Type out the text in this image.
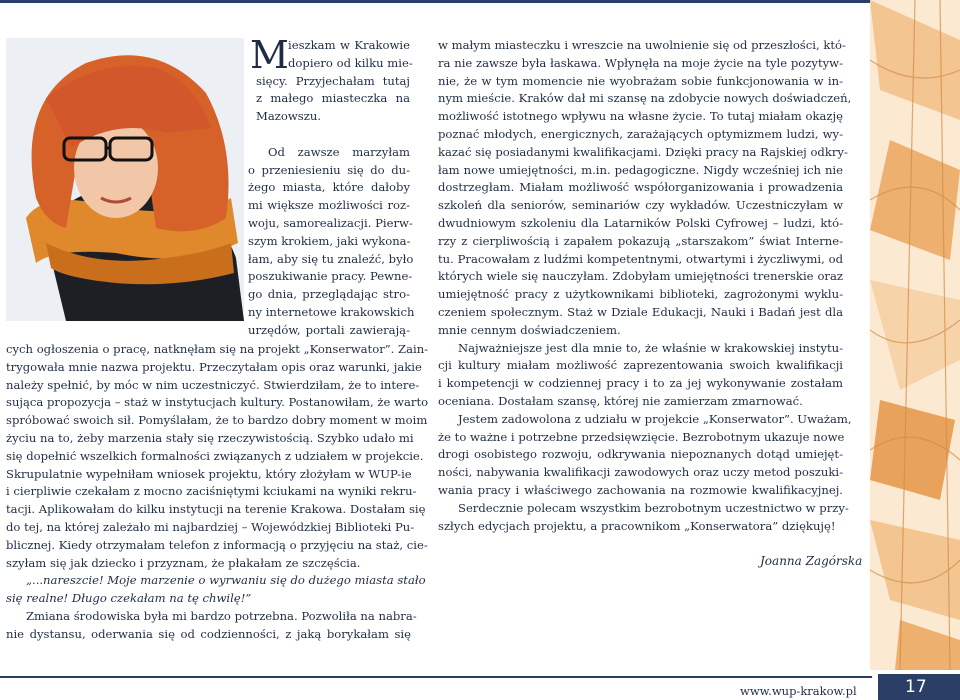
M ieszkam w Krakowie
dopiero od kilku mie-
sięcy. Przyjechałam tutaj
z małego miasteczka na
Mazowszu.
Od zawsze marzyłam
o przeniesieniu się do du-
żego miasta, które dałoby
mi większe możliwości roz-
woju, samorealizacji. Pierw-
szym krokiem, jaki wykona-
łam, aby się tu znaleźć, było
poszukiwanie pracy. Pewne-
go dnia, przeglądając stro-
ny internetowe krakowskich
urzędów, portali zawierają-
cych ogłoszenia o pracę, natknęłam się na projekt „Konserwator”. Zain-
trygowała mnie nazwa projektu. Przeczytałam opis oraz warunki, jakie
należy spełnić, by móc w nim uczestniczyć. Stwierdziłam, że to intere-
sująca propozycja – staż w instytucjach kultury. Postanowiłam, że warto
spróbować swoich sił. Pomyślałam, że to bardzo dobry moment w moim
życiu na to, żeby marzenia stały się rzeczywistością. Szybko udało mi
się dopełnić wszelkich formalności związanych z udziałem w projekcie.
Skrupulatnie wypełniłam wniosek projektu, który złożyłam w WUP-ie
i cierpliwie czekałam z mocno zaciśniętymi kciukami na wyniki rekru-
tacji. Aplikowałam do kilku instytucji na terenie Krakowa. Dostałam się
do tej, na której zależało mi najbardziej – Wojewódzkiej Biblioteki Pu-
blicznej. Kiedy otrzymałam telefon z informacją o przyjęciu na staż, cie-
szyłam się jak dziecko i przyznam, że płakałam ze szczęścia.
„...nareszcie! Moje marzenie o wyrwaniu się do dużego miasta stało
się realne! Długo czekałam na tę chwilę!”
Zmiana środowiska była mi bardzo potrzebna. Pozwoliła na nabra-
nie dystansu, oderwania się od codzienności, z jaką borykałam się
w małym miasteczku i wreszcie na uwolnienie się od przeszłości, któ-
ra nie zawsze była łaskawa. Wpłynęła na moje życie na tyle pozytyw-
nie, że w tym momencie nie wyobrażam sobie funkcjonowania w in-
nym mieście. Kraków dał mi szansę na zdobycie nowych doświadczeń,
możliwość istotnego wpływu na własne życie. To tutaj miałam okazję
poznać młodych, energicznych, zarażających optymizmem ludzi, wy-
kazać się posiadanymi kwalifikacjami. Dzięki pracy na Rajskiej odkry-
łam nowe umiejętności, m.in. pedagogiczne. Nigdy wcześniej ich nie
dostrzegłam. Miałam możliwość współorganizowania i prowadzenia
szkoleń dla seniorów, seminariów czy wykładów. Uczestniczyłam w
dwudniowym szkoleniu dla Latarników Polski Cyfrowej – ludzi, któ-
rzy z cierpliwością i zapałem pokazują „starszakom” świat Interne-
tu. Pracowałam z ludźmi kompetentnymi, otwartymi i życzliwymi, od
których wiele się nauczyłam. Zdobyłam umiejętności trenerskie oraz
umiejętność pracy z użytkownikami biblioteki, zagrożonymi wyklu-
czeniem społecznym. Staż w Dziale Edukacji, Nauki i Badań jest dla
mnie cennym doświadczeniem.
Najważniejsze jest dla mnie to, że właśnie w krakowskiej instytu-
cji kultury miałam możliwość zaprezentowania swoich kwalifikacji
i kompetencji w codziennej pracy i to za jej wykonywanie zostałam
oceniana. Dostałam szansę, której nie zamierzam zmarnować.
Jestem zadowolona z udziału w projekcie „Konserwator”. Uważam,
że to ważne i potrzebne przedsięwzięcie. Bezrobotnym ukazuje nowe
drogi osobistego rozwoju, odkrywania niepoznanych dotąd umiejęt-
ności, nabywania kwalifikacji zawodowych oraz uczy metod poszuki-
wania pracy i właściwego zachowania na rozmowie kwalifikacyjnej.
Serdecznie polecam wszystkim bezrobotnym uczestnictwo w przy-
szłych edycjach projektu, a pracownikom „Konserwatora” dziękuję!
Joanna Zagórska
www.wup-krakow.pl	17
